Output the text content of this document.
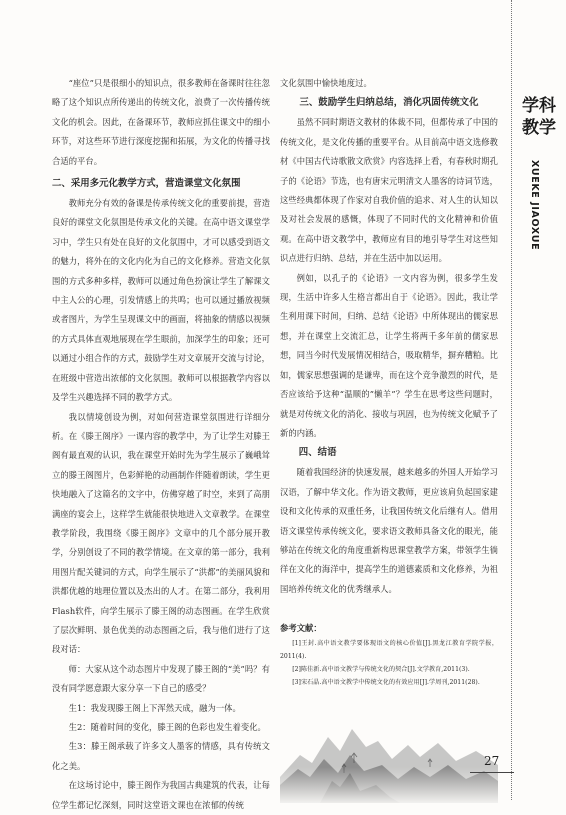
“座位”只是很细小的知识点，很多教师在备课时往往忽略了这个知识点所传递出的传统文化，浪费了一次传播传统文化的机会。因此，在备课环节，教师应抓住课文中的细小环节，对这些环节进行深度挖掘和拓展，为文化的传播寻找合适的平台。

二、采用多元化教学方式，营造课堂文化氛围

教师充分有效的备课是传承传统文化的重要前提，营造良好的课堂文化氛围是传承文化的关键。在高中语文课堂学习中，学生只有处在良好的文化氛围中，才可以感受到语文的魅力，将外在的文化内化为自己的文化修养。营造文化氛围的方式多种多样，教师可以通过角色扮演让学生了解课文中主人公的心理，引发情感上的共鸣；也可以通过播放视频或者图片，为学生呈现课文中的画面，将抽象的情感以视频的方式具体直观地展现在学生眼前，加深学生的印象；还可以通过小组合作的方式，鼓励学生对文章展开交流与讨论，在班级中营造出浓郁的文化氛围。教师可以根据教学内容以及学生兴趣选择不同的教学方式。

我以情境创设为例，对如何营造课堂氛围进行详细分析。在《滕王阁序》一课内容的教学中，为了让学生对滕王阁有最直观的认识，我在课堂开始时先为学生展示了巍峨耸立的滕王阁图片，色彩鲜艳的动画制作伴随着朗读，学生更快地融入了这篇名的文字中，仿佛穿越了时空，来到了高朋满座的宴会上，这样学生就能很快地进入文章教学。在课堂教学阶段，我围绕《滕王阁序》文章中的几个部分展开教学，分别创设了不同的教学情境。在文章的第一部分，我利用图片配关键词的方式，向学生展示了“洪都”的美丽风貌和洪都优越的地理位置以及杰出的人才。在第二部分，我利用Flash软件，向学生展示了滕王阁的动态图画。在学生欣赏了层次鲜明、景色优美的动态图画之后，我与他们进行了这段对话：

师：大家从这个动态图片中发现了滕王阁的“美”吗？有没有同学愿意跟大家分享一下自己的感受？

生1：我发现滕王阁上下浑然天成，融为一体。

生2：随着时间的变化，滕王阁的色彩也发生着变化。

生3：滕王阁承载了许多文人墨客的情感，具有传统文化之美。

在这场讨论中，滕王阁作为我国古典建筑的代表，让每位学生都记忆深刻，同时这堂语文课也在浓郁的传统

文化氛围中愉快地度过。

三、鼓励学生归纳总结，消化巩固传统文化

虽然不同时期语文教材的体裁不同，但都传承了中国的传统文化，是文化传播的重要平台。从目前高中语文选修教材《中国古代诗歌散文欣赏》内容选择上看，有春秋时期孔子的《论语》节选，也有唐宋元明清文人墨客的诗词节选，这些经典都体现了作家对自我价值的追求、对人生的认知以及对社会发展的感慨，体现了不同时代的文化精神和价值观。在高中语文教学中，教师应有目的地引导学生对这些知识点进行归纳、总结，并在生活中加以运用。

例如，以孔子的《论语》一文内容为例，很多学生发现，生活中许多人生格言都出自于《论语》。因此，我让学生利用课下时间，归纳、总结《论语》中所体现出的儒家思想，并在课堂上交流汇总，让学生将两千多年前的儒家思想，同当今时代发展情况相结合，吸取精华，摒弃糟粕。比如，儒家思想强调的是谦卑，而在这个竞争激烈的时代，是否应该给予这种“温顺的”懒羊”？学生在思考这些问题时，就是对传统文化的消化、接收与巩固，也为传统文化赋予了新的内涵。

四、结语

随着我国经济的快速发展，越来越多的外国人开始学习汉语，了解中华文化。作为语文教师，更应该肩负起国家建设和文化传承的双重任务，让我国传统文化后继有人。借用语文课堂传承传统文化，要求语文教师具备文化的眼光，能够站在传统文化的角度重新构思课堂教学方案，带领学生徜徉在文化的海洋中，提高学生的道德素质和文化修养，为祖国培养传统文化的优秀继承人。

参考文献：

[1]王封.高中语文教学要体现语文的核心价值[J].黑龙江教育学院学报，2011(4).

[2]陈佳新.高中语文教学与传统文化的契合[J].文学教育,2011(3).

[3]宋石晶.高中语文教学中传统文化的有效应用[J].学周刊,2011(28).

学科教学
XUEKE JIAOXUE
27
